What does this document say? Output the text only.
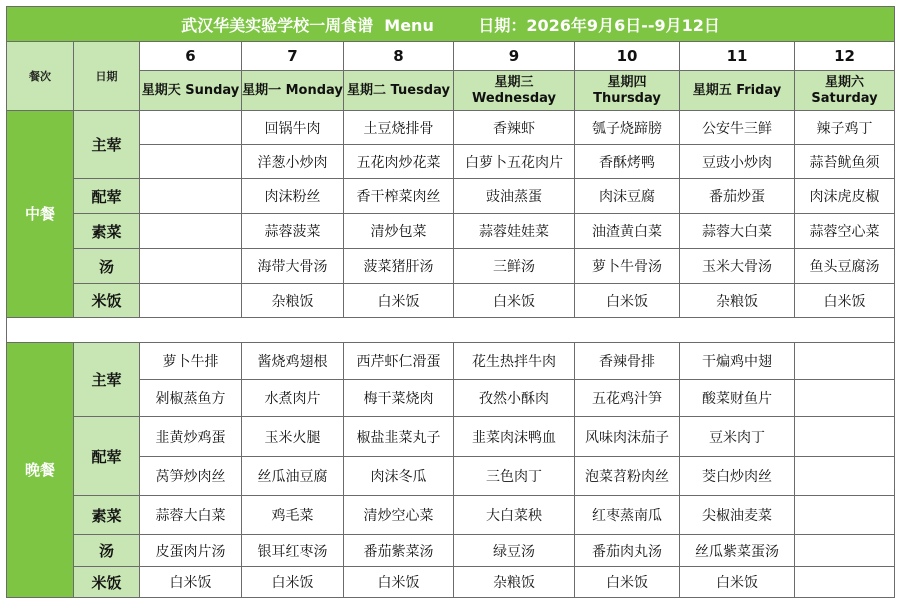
武汉华美实验学校一周食谱  Menu        日期：2026年9月6日--9月12日								
餐次	日期	6	7	8	9	10	11	12
		星期天 Sunday	星期一 Monday	星期二 Tuesday	星期三Wednesday	星期四 Thursday	星期五 Friday	星期六 Saturday
中餐	主荤		回锅牛肉	土豆烧排骨	香辣虾	瓠子烧蹄膀	公安牛三鲜	辣子鸡丁
			洋葱小炒肉	五花肉炒花菜	白萝卜五花肉片	香酥烤鸭	豆豉小炒肉	蒜苔鱿鱼须
	配荤		肉沫粉丝	香干榨菜肉丝	豉油蒸蛋	肉沫豆腐	番茄炒蛋	肉沫虎皮椒
	素菜		蒜蓉菠菜	清炒包菜	蒜蓉娃娃菜	油渣黄白菜	蒜蓉大白菜	蒜蓉空心菜
	汤		海带大骨汤	菠菜猪肝汤	三鲜汤	萝卜牛骨汤	玉米大骨汤	鱼头豆腐汤
	米饭		杂粮饭	白米饭	白米饭	白米饭	杂粮饭	白米饭

晚餐	主荤	萝卜牛排	酱烧鸡翅根	西芹虾仁滑蛋	花生热拌牛肉	香辣骨排	干煸鸡中翅	
		剁椒蒸鱼方	水煮肉片	梅干菜烧肉	孜然小酥肉	五花鸡汁笋	酸菜财鱼片	
	配荤	韭黄炒鸡蛋	玉米火腿	椒盐韭菜丸子	韭菜肉沫鸭血	风味肉沫茄子	豆米肉丁	
		莴笋炒肉丝	丝瓜油豆腐	肉沫冬瓜	三色肉丁	泡菜苕粉肉丝	茭白炒肉丝	
	素菜	蒜蓉大白菜	鸡毛菜	清炒空心菜	大白菜秧	红枣蒸南瓜	尖椒油麦菜	
	汤	皮蛋肉片汤	银耳红枣汤	番茄紫菜汤	绿豆汤	番茄肉丸汤	丝瓜紫菜蛋汤	
	米饭	白米饭	白米饭	白米饭	杂粮饭	白米饭	白米饭	
